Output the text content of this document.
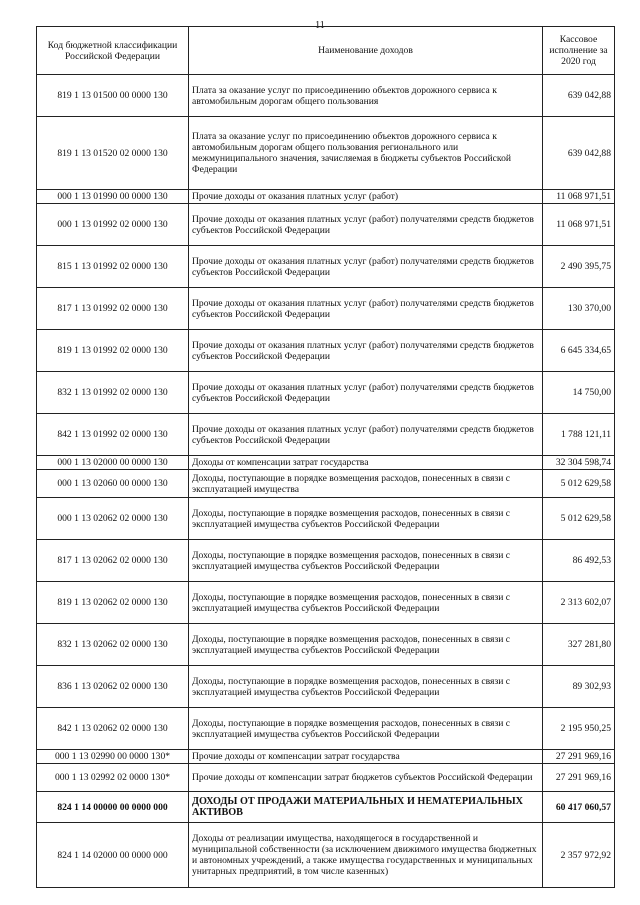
11
Код бюджетной классификации Российской Федерации	Наименование доходов	Кассовое исполнение за 2020 год
819 1 13 01500 00 0000 130	Плата за оказание услуг по присоединению объектов дорожного сервиса к автомобильным дорогам общего пользования	639 042,88
819 1 13 01520 02 0000 130	Плата за оказание услуг по присоединению объектов дорожного сервиса к автомобильным дорогам общего пользования регионального или межмуниципального значения, зачисляемая в бюджеты субъектов Российской Федерации	639 042,88
000 1 13 01990 00 0000 130	Прочие доходы от оказания платных услуг (работ)	11 068 971,51
000 1 13 01992 02 0000 130	Прочие доходы от оказания платных услуг (работ) получателями средств бюджетов субъектов Российской Федерации	11 068 971,51
815 1 13 01992 02 0000 130	Прочие доходы от оказания платных услуг (работ) получателями средств бюджетов субъектов Российской Федерации	2 490 395,75
817 1 13 01992 02 0000 130	Прочие доходы от оказания платных услуг (работ) получателями средств бюджетов субъектов Российской Федерации	130 370,00
819 1 13 01992 02 0000 130	Прочие доходы от оказания платных услуг (работ) получателями средств бюджетов субъектов Российской Федерации	6 645 334,65
832 1 13 01992 02 0000 130	Прочие доходы от оказания платных услуг (работ) получателями средств бюджетов субъектов Российской Федерации	14 750,00
842 1 13 01992 02 0000 130	Прочие доходы от оказания платных услуг (работ) получателями средств бюджетов субъектов Российской Федерации	1 788 121,11
000 1 13 02000 00 0000 130	Доходы от компенсации затрат государства	32 304 598,74
000 1 13 02060 00 0000 130	Доходы, поступающие в порядке возмещения расходов, понесенных в связи с эксплуатацией имущества	5 012 629,58
000 1 13 02062 02 0000 130	Доходы, поступающие в порядке возмещения расходов, понесенных в связи с эксплуатацией имущества субъектов Российской Федерации	5 012 629,58
817 1 13 02062 02 0000 130	Доходы, поступающие в порядке возмещения расходов, понесенных в связи с эксплуатацией имущества субъектов Российской Федерации	86 492,53
819 1 13 02062 02 0000 130	Доходы, поступающие в порядке возмещения расходов, понесенных в связи с эксплуатацией имущества субъектов Российской Федерации	2 313 602,07
832 1 13 02062 02 0000 130	Доходы, поступающие в порядке возмещения расходов, понесенных в связи с эксплуатацией имущества субъектов Российской Федерации	327 281,80
836 1 13 02062 02 0000 130	Доходы, поступающие в порядке возмещения расходов, понесенных в связи с эксплуатацией имущества субъектов Российской Федерации	89 302,93
842 1 13 02062 02 0000 130	Доходы, поступающие в порядке возмещения расходов, понесенных в связи с эксплуатацией имущества субъектов Российской Федерации	2 195 950,25
000 1 13 02990 00 0000 130*	Прочие доходы от компенсации затрат государства	27 291 969,16
000 1 13 02992 02 0000 130*	Прочие доходы от компенсации затрат бюджетов субъектов Российской Федерации	27 291 969,16
824 1 14 00000 00 0000 000	ДОХОДЫ ОТ ПРОДАЖИ МАТЕРИАЛЬНЫХ И НЕМАТЕРИАЛЬНЫХ АКТИВОВ	60 417 060,57
824 1 14 02000 00 0000 000	Доходы от реализации имущества, находящегося в государственной и муниципальной собственности (за исключением движимого имущества бюджетных и автономных учреждений, а также имущества государственных и муниципальных унитарных предприятий, в том числе казенных)	2 357 972,92
